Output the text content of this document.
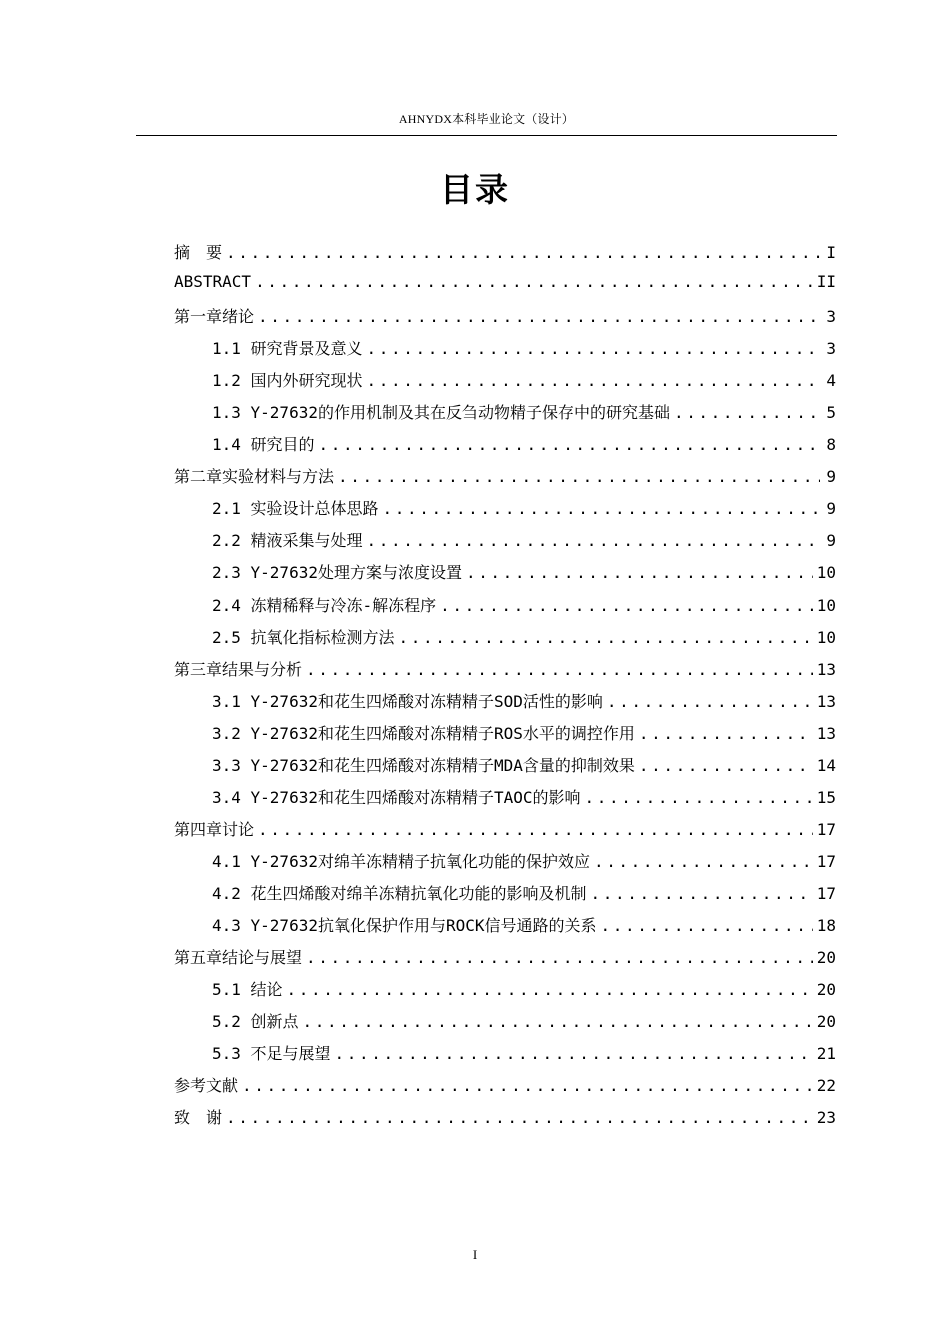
AHNYDX本科毕业论文（设计）
目录
摘　要 .....	I
ABSTRACT .....	II
第一章绪论 .....	3
1.1 研究背景及意义 .....	3
1.2 国内外研究现状 .....	4
1.3 Y-27632的作用机制及其在反刍动物精子保存中的研究基础 .....	5
1.4 研究目的 .....	8
第二章实验材料与方法 .....	9
2.1 实验设计总体思路 .....	9
2.2 精液采集与处理 .....	9
2.3 Y-27632处理方案与浓度设置 .....	10
2.4 冻精稀释与冷冻-解冻程序 .....	10
2.5 抗氧化指标检测方法 .....	10
第三章结果与分析 .....	13
3.1 Y-27632和花生四烯酸对冻精精子SOD活性的影响 .....	13
3.2 Y-27632和花生四烯酸对冻精精子ROS水平的调控作用 .....	13
3.3 Y-27632和花生四烯酸对冻精精子MDA含量的抑制效果 .....	14
3.4 Y-27632和花生四烯酸对冻精精子TAOC的影响 .....	15
第四章讨论 .....	17
4.1 Y-27632对绵羊冻精精子抗氧化功能的保护效应 .....	17
4.2 花生四烯酸对绵羊冻精抗氧化功能的影响及机制 .....	17
4.3 Y-27632抗氧化保护作用与ROCK信号通路的关系 .....	18
第五章结论与展望 .....	20
5.1 结论 .....	20
5.2 创新点 .....	20
5.3 不足与展望 .....	21
参考文献 .....	22
致　谢 .....	23
I
